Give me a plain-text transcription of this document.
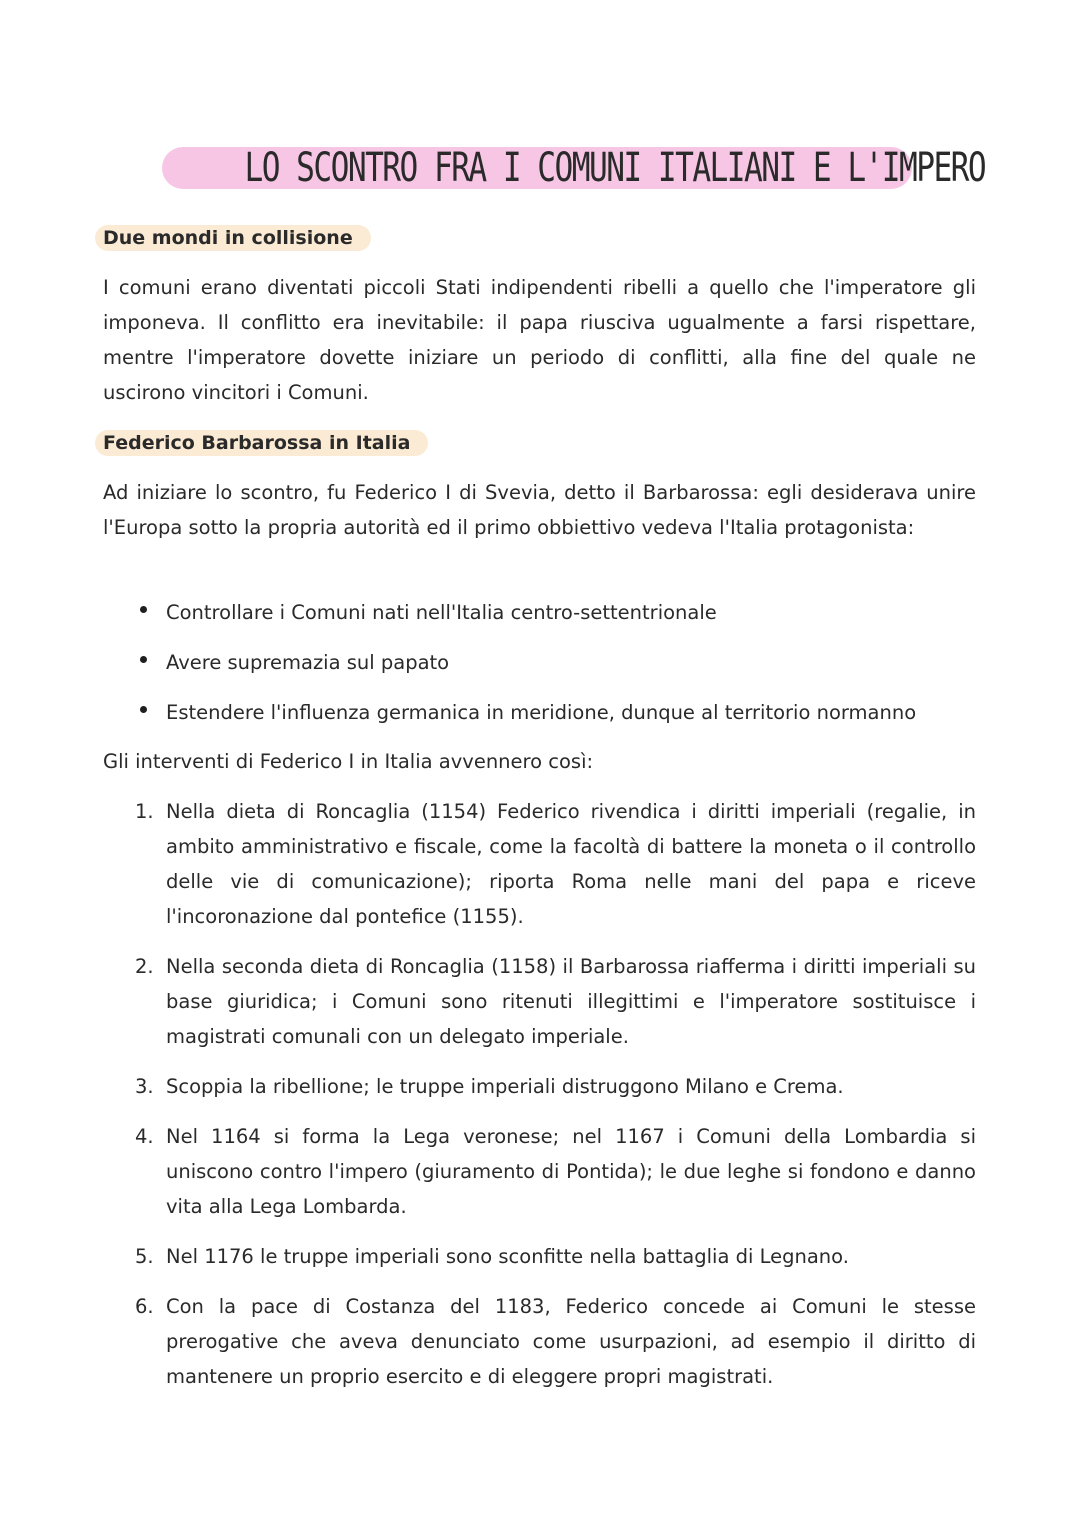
LO SCONTRO FRA I COMUNI ITALIANI E L'IMPERO
Due mondi in collisione

I comuni erano diventati piccoli Stati indipendenti ribelli a quello che l'imperatore gli imponeva. Il conflitto era inevitabile: il papa riusciva ugualmente a farsi rispettare, mentre l'imperatore dovette iniziare un periodo di conflitti, alla fine del quale ne uscirono vincitori i Comuni.

Federico Barbarossa in Italia

Ad iniziare lo scontro, fu Federico I di Svevia, detto il Barbarossa: egli desiderava unire l'Europa sotto la propria autorità ed il primo obbiettivo vedeva l'Italia protagonista:

Controllare i Comuni nati nell'Italia centro-settentrionale
Avere supremazia sul papato
Estendere l'influenza germanica in meridione, dunque al territorio normanno

Gli interventi di Federico I in Italia avvennero così:

1. Nella dieta di Roncaglia (1154) Federico rivendica i diritti imperiali (regalie, in ambito amministrativo e fiscale, come la facoltà di battere la moneta o il controllo delle vie di comunicazione); riporta Roma nelle mani del papa e riceve l'incoronazione dal pontefice (1155).
2. Nella seconda dieta di Roncaglia (1158) il Barbarossa riafferma i diritti imperiali su base giuridica; i Comuni sono ritenuti illegittimi e l'imperatore sostituisce i magistrati comunali con un delegato imperiale.
3. Scoppia la ribellione; le truppe imperiali distruggono Milano e Crema.
4. Nel 1164 si forma la Lega veronese; nel 1167 i Comuni della Lombardia si uniscono contro l'impero (giuramento di Pontida); le due leghe si fondono e danno vita alla Lega Lombarda.
5. Nel 1176 le truppe imperiali sono sconfitte nella battaglia di Legnano.
6. Con la pace di Costanza del 1183, Federico concede ai Comuni le stesse prerogative che aveva denunciato come usurpazioni, ad esempio il diritto di mantenere un proprio esercito e di eleggere propri magistrati.
